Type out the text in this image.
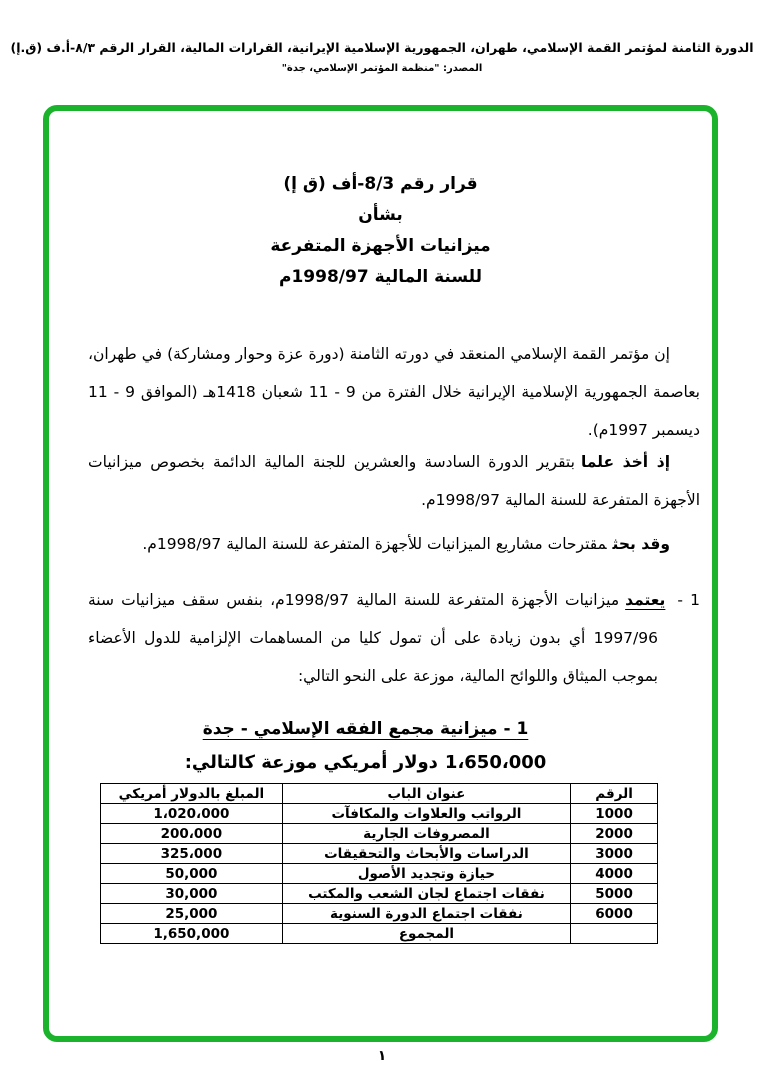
الدورة الثامنة لمؤتمر القمة الإسلامي، طهران، الجمهورية الإسلامية الإيرانية، القرارات المالية، القرار الرقم ٨/٣-أ.ف (ق.إ)
المصدر: "منظمة المؤتمر الإسلامي، جدة"
قرار رقم 8/3-أف (ق إ)
بشأن
ميزانيات الأجهزة المتفرعة
للسنة المالية 1998/97م
إن مؤتمر القمة الإسلامي المنعقد في دورته الثامنة (دورة عزة وحوار ومشاركة) في طهران، بعاصمة الجمهورية الإسلامية الإيرانية خلال الفترة من 9 - 11 شعبان 1418هـ (الموافق 9 - 11 ديسمبر 1997م).
إذ أخذ علمابتقرير الدورة السادسة والعشرين للجنة المالية الدائمة بخصوص ميزانيات الأجهزة المتفرعة للسنة المالية 1998/97م.
وقد بحثمقترحات مشاريع الميزانيات للأجهزة المتفرعة للسنة المالية 1998/97م.
1 -يعتمدميزانيات الأجهزة المتفرعة للسنة المالية 1998/97م، بنفس سقف ميزانيات سنة 1997/96 أي بدون زيادة على أن تمول كليا من المساهمات الإلزامية للدول الأعضاء بموجب الميثاق واللوائح المالية، موزعة على النحو التالي:
1 - ميزانية مجمع الفقه الإسلامي - جدة
1،650،000دولار أمريكي موزعة كالتالي:
الرقم	عنوان الباب	المبلغ بالدولار أمريكي
1000	الرواتب والعلاوات والمكافآت	1،020،000
2000	المصروفات الجارية	200،000
3000	الدراسات والأبحاث والتحقيقات	325،000
4000	حيازة وتجديد الأصول	50,000
5000	نفقات اجتماع لجان الشعب والمكتب	30,000
6000	نفقات اجتماع الدورة السنوية	25,000
	المجموع	1,650,000
١
